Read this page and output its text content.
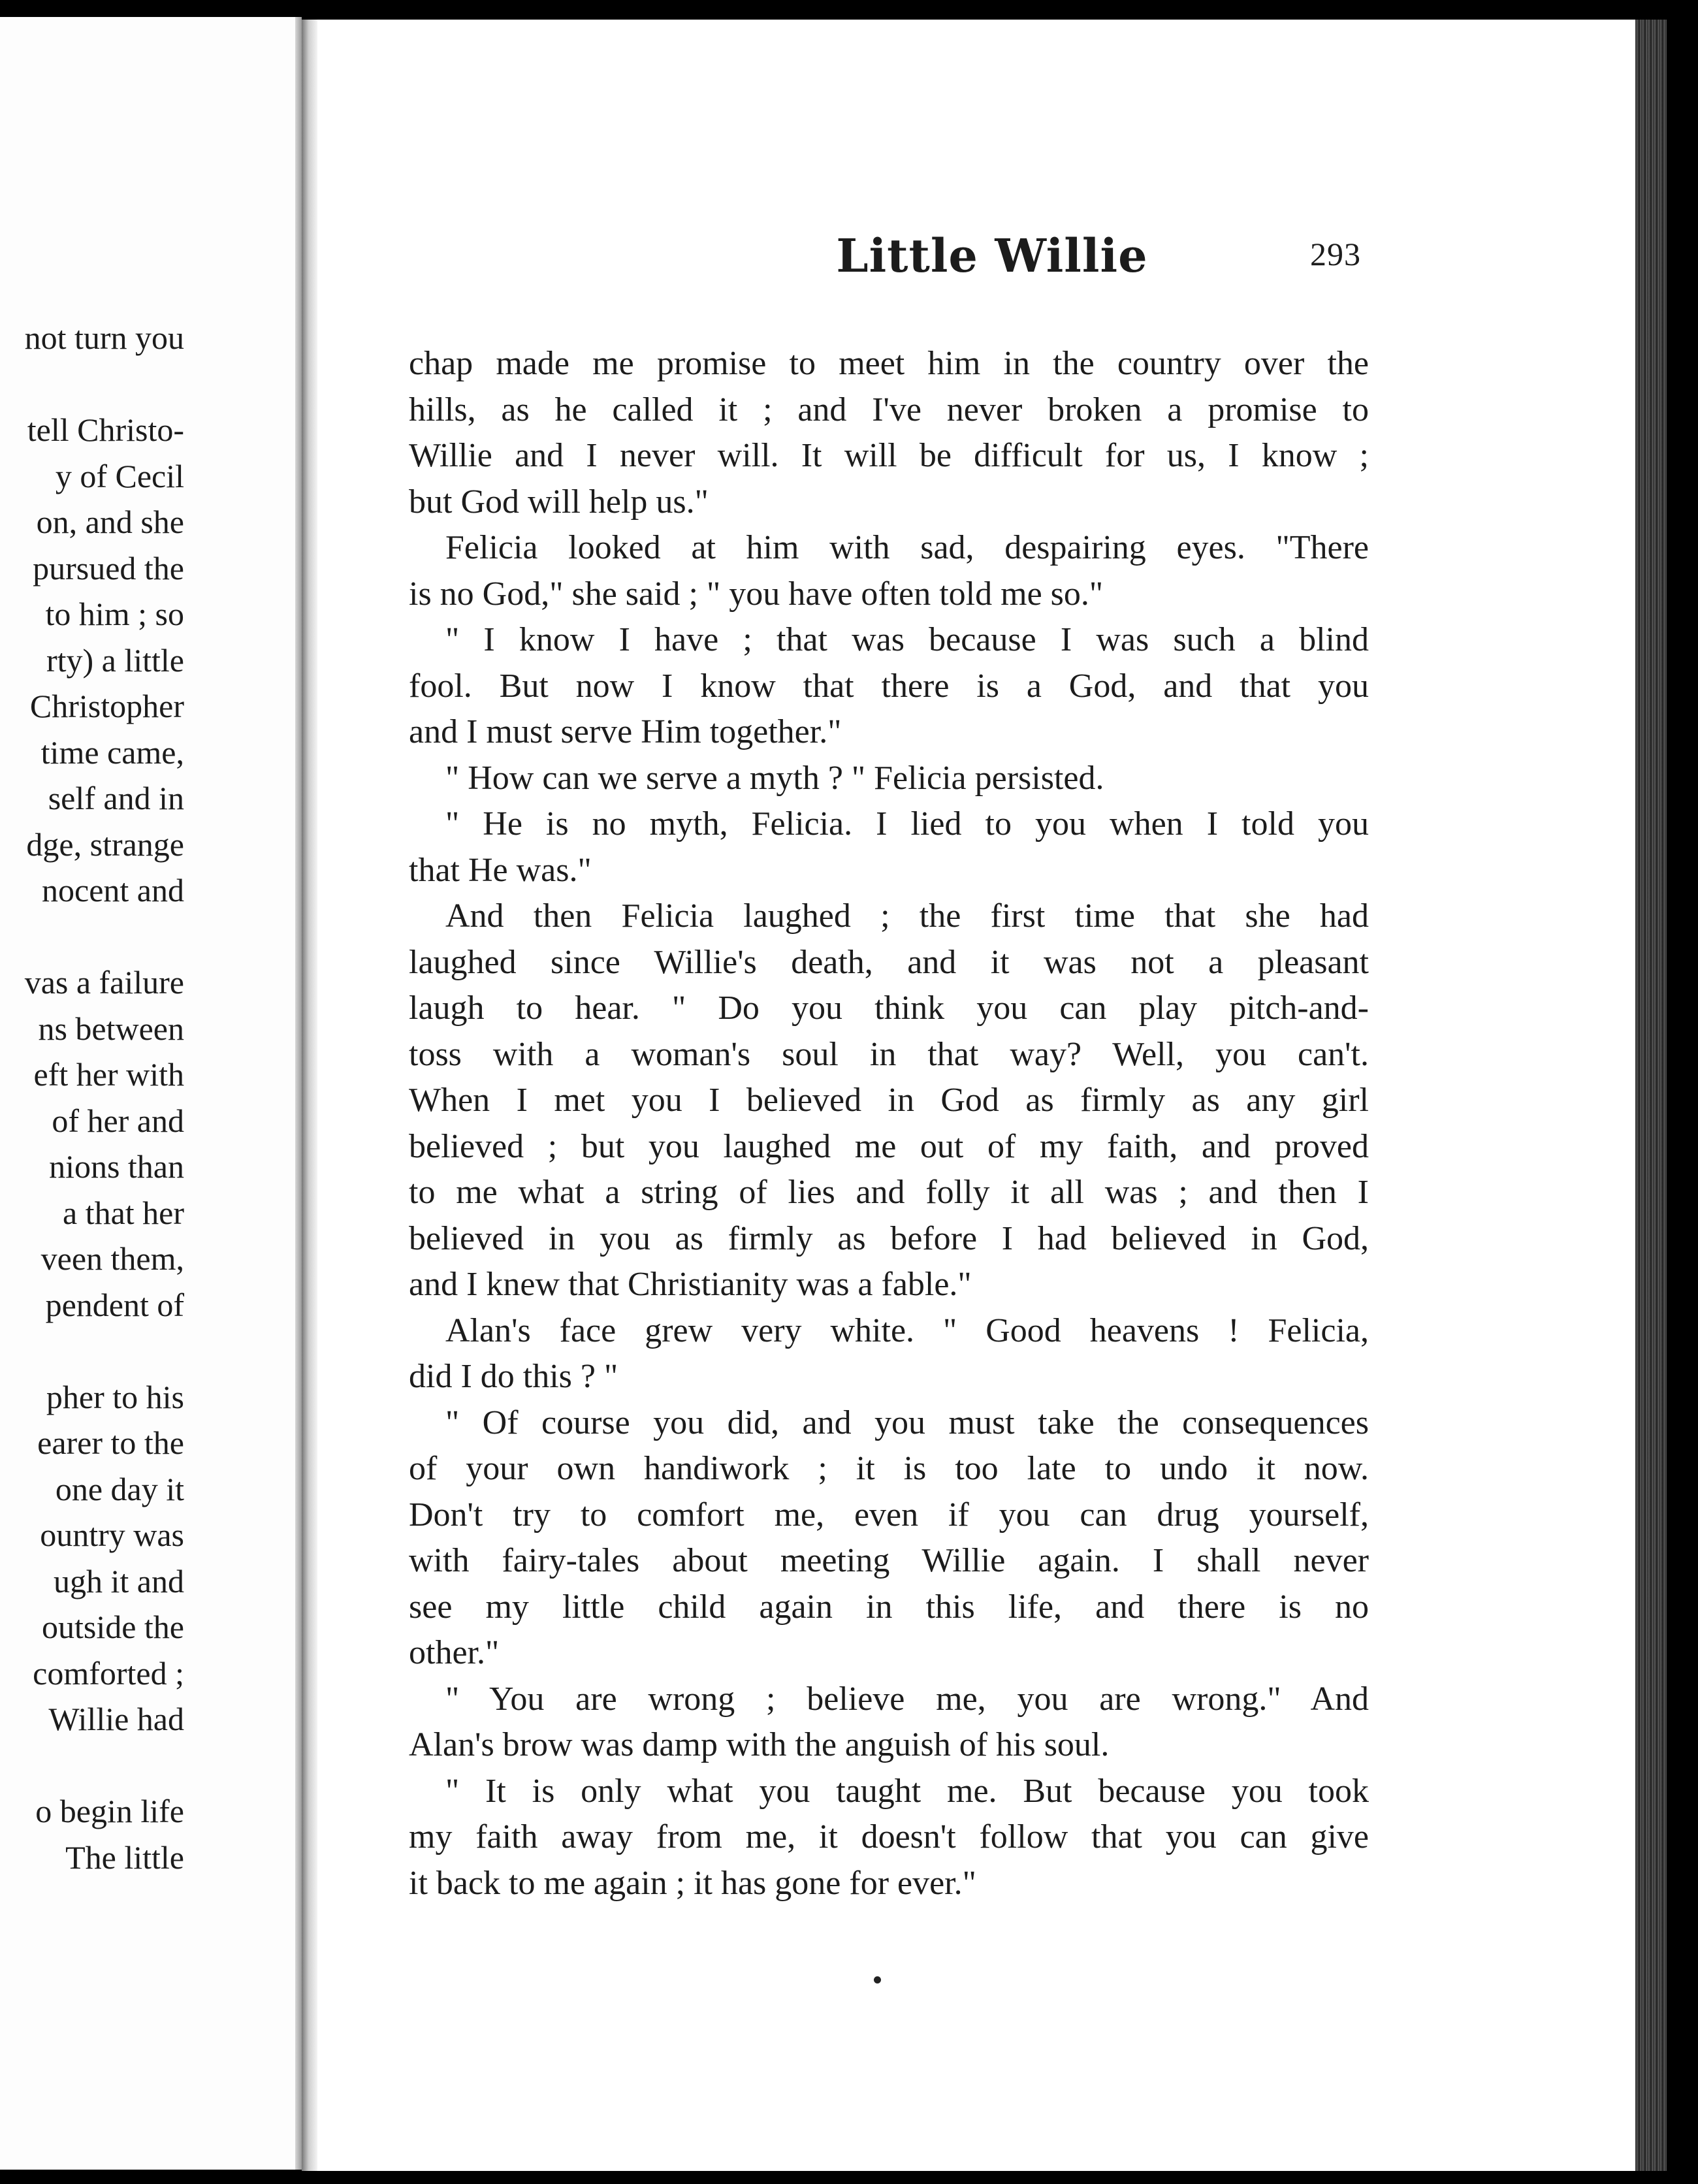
not turn you
tell Christo-
y of Cecil
on, and she
pursued the
to him ; so
rty) a little
Christopher
time came,
self and in
dge, strange
nocent and
vas a failure
ns between
eft her with
of her and
nions than
a that her
veen them,
pendent of
pher to his
earer to the
one day it
ountry was
ugh it and
outside the
comforted ;
Willie had
o begin life
The little
Little Willie	293
chap made me promise to meet him in the country over the
hills, as he called it ; and I've never broken a promise to
Willie and I never will. It will be difficult for us, I know ;
but God will help us."
Felicia looked at him with sad, despairing eyes. "There
is no God," she said ; " you have often told me so."
" I know I have ; that was because I was such a blind
fool. But now I know that there is a God, and that you
and I must serve Him together."
" How can we serve a myth ? " Felicia persisted.
" He is no myth, Felicia. I lied to you when I told you
that He was."
And then Felicia laughed ; the first time that she had
laughed since Willie's death, and it was not a pleasant
laugh to hear. " Do you think you can play pitch-and-
toss with a woman's soul in that way? Well, you can't.
When I met you I believed in God as firmly as any girl
believed ; but you laughed me out of my faith, and proved
to me what a string of lies and folly it all was ; and then I
believed in you as firmly as before I had believed in God,
and I knew that Christianity was a fable."
Alan's face grew very white. " Good heavens ! Felicia,
did I do this ? "
" Of course you did, and you must take the consequences
of your own handiwork ; it is too late to undo it now.
Don't try to comfort me, even if you can drug yourself,
with fairy-tales about meeting Willie again. I shall never
see my little child again in this life, and there is no
other."
" You are wrong ; believe me, you are wrong." And
Alan's brow was damp with the anguish of his soul.
" It is only what you taught me. But because you took
my faith away from me, it doesn't follow that you can give
it back to me again ; it has gone for ever."
